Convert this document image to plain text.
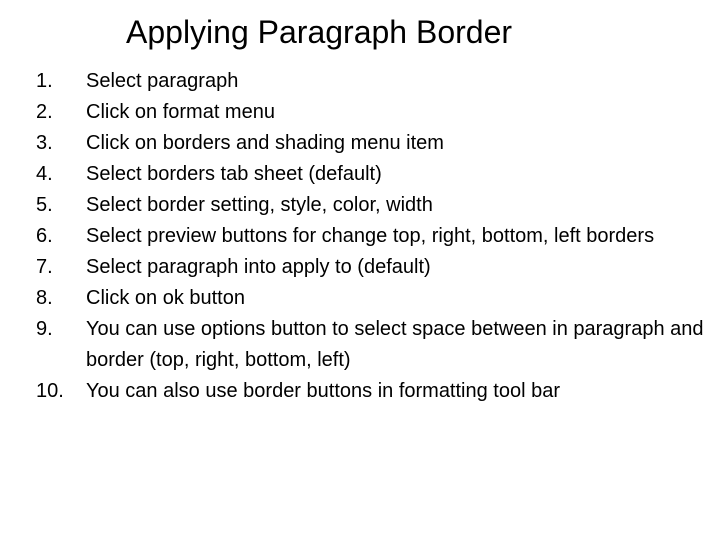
Applying Paragraph Border
1.	Select paragraph
2.	Click on format menu
3.	Click on borders and shading menu item
4.	Select borders tab sheet (default)
5.	Select border setting, style, color, width
6.	Select preview buttons for change top, right, bottom, left borders
7.	Select paragraph into apply to (default)
8.	Click on ok button
9.	You can use options button to select space between in paragraph and border (top, right, bottom, left)
10.	You can also use border buttons in formatting tool bar
